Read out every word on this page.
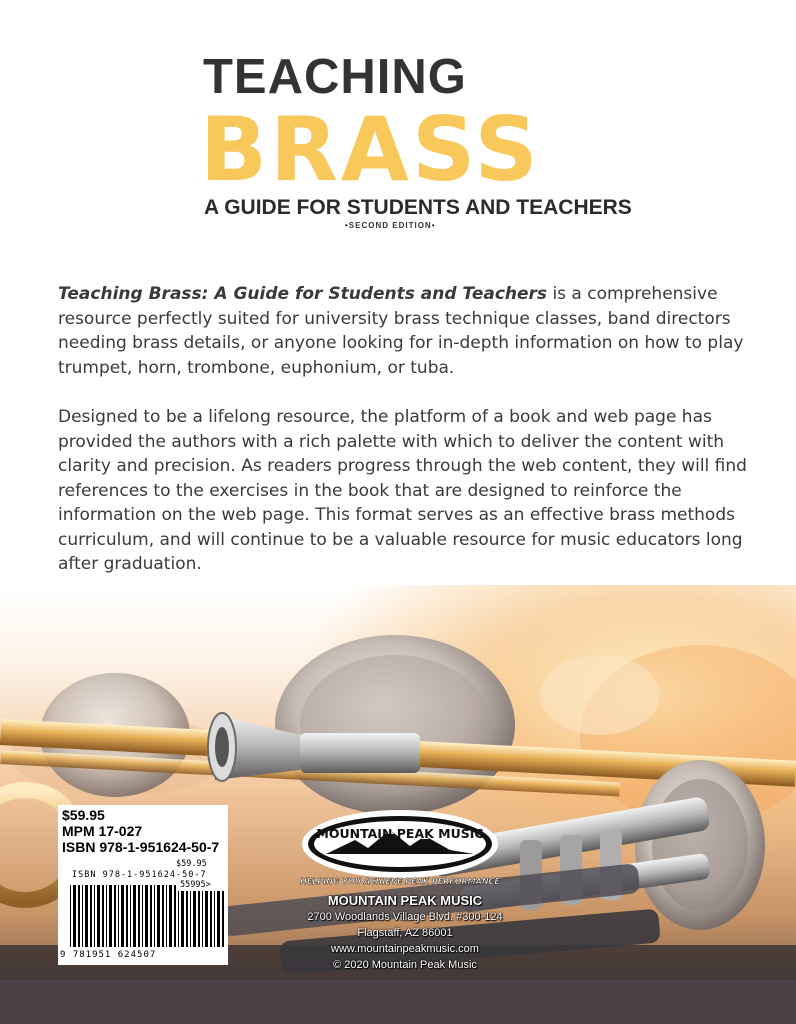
TEACHING
BRASS
A GUIDE FOR STUDENTS AND TEACHERS
•SECOND EDITION•

Teaching Brass: A Guide for Students and Teachers is a comprehensive resource perfectly suited for university brass technique classes, band directors needing brass details, or anyone looking for in-depth information on how to play trumpet, horn, trombone, euphonium, or tuba.

Designed to be a lifelong resource, the platform of a book and web page has provided the authors with a rich palette with which to deliver the content with clarity and precision. As readers progress through the web content, they will find references to the exercises in the book that are designed to reinforce the information on the web page. This format serves as an effective brass methods curriculum, and will continue to be a valuable resource for music educators long after graduation.

$59.95
MPM 17-027
ISBN 978-1-951624-50-7
$59.95
ISBN 978-1-951624-50-7
55995>
9 781951 624507
MOUNTAIN PEAK MUSIC
HELPING YOU ACHIEVE PEAK PERFORMANCE
MOUNTAIN PEAK MUSIC
2700 Woodlands Village Blvd. #300-124
Flagstaff, AZ 86001
www.mountainpeakmusic.com
© 2020 Mountain Peak Music
